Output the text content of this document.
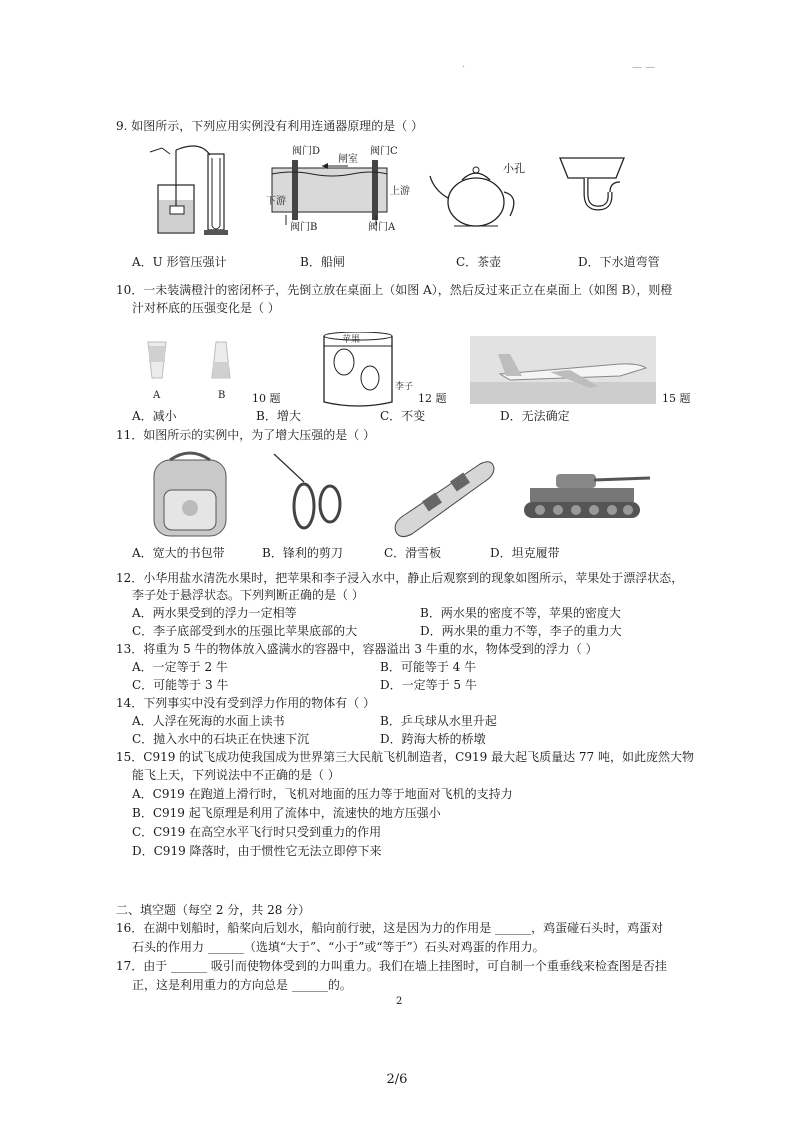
·	— —
9. 如图所示，下列应用实例没有利用连通器原理的是（ ）
阀门D
闸室
阀门C
下游
上游
阀门B	阀门A
小孔
A．U 形管压强计	B．船闸	C．茶壶	D．下水道弯管
10．一未装满橙汁的密闭杯子，先倒立放在桌面上（如图 A），然后反过来正立在桌面上（如图 B），则橙
汁对杯底的压强变化是（ ）
A	B 10 题
苹果
李子
12 题	15 题
A．减小	B．增大	C．不变	D．无法确定
11．如图所示的实例中，为了增大压强的是（ ）
A．宽大的书包带	B．锋利的剪刀	C．滑雪板	D．坦克履带
12．小华用盐水清洗水果时，把苹果和李子浸入水中，静止后观察到的现象如图所示，苹果处于漂浮状态，
李子处于悬浮状态。下列判断正确的是（ ）
A．两水果受到的浮力一定相等	B．两水果的密度不等，苹果的密度大
C．李子底部受到水的压强比苹果底部的大	D．两水果的重力不等，李子的重力大
13．将重为 5 牛的物体放入盛满水的容器中，容器溢出 3 牛重的水，物体受到的浮力（ ）
A．一定等于 2 牛	B．可能等于 4 牛
C．可能等于 3 牛	D．一定等于 5 牛
14．下列事实中没有受到浮力作用的物体有（ ）
A．人浮在死海的水面上读书	B．乒乓球从水里升起
C．抛入水中的石块正在快速下沉	D．跨海大桥的桥墩
15．C919 的试飞成功使我国成为世界第三大民航飞机制造者，C919 最大起飞质量达 77 吨，如此庞然大物
能飞上天，下列说法中不正确的是（ ）
A．C919 在跑道上滑行时，飞机对地面的压力等于地面对飞机的支持力
B．C919 起飞原理是利用了流体中，流速快的地方压强小
C．C919 在高空水平飞行时只受到重力的作用
D．C919 降落时，由于惯性它无法立即停下来
二、填空题（每空 2 分，共 28 分）
16．在湖中划船时，船桨向后划水，船向前行驶，这是因为力的作用是 ______，鸡蛋碰石头时，鸡蛋对
石头的作用力 ______（选填“大于”、“小于”或“等于”）石头对鸡蛋的作用力。
17．由于 ______ 吸引而使物体受到的力叫重力。我们在墙上挂图时，可自制一个重垂线来检查图是否挂
正，这是利用重力的方向总是 ______的。
2
2/6
